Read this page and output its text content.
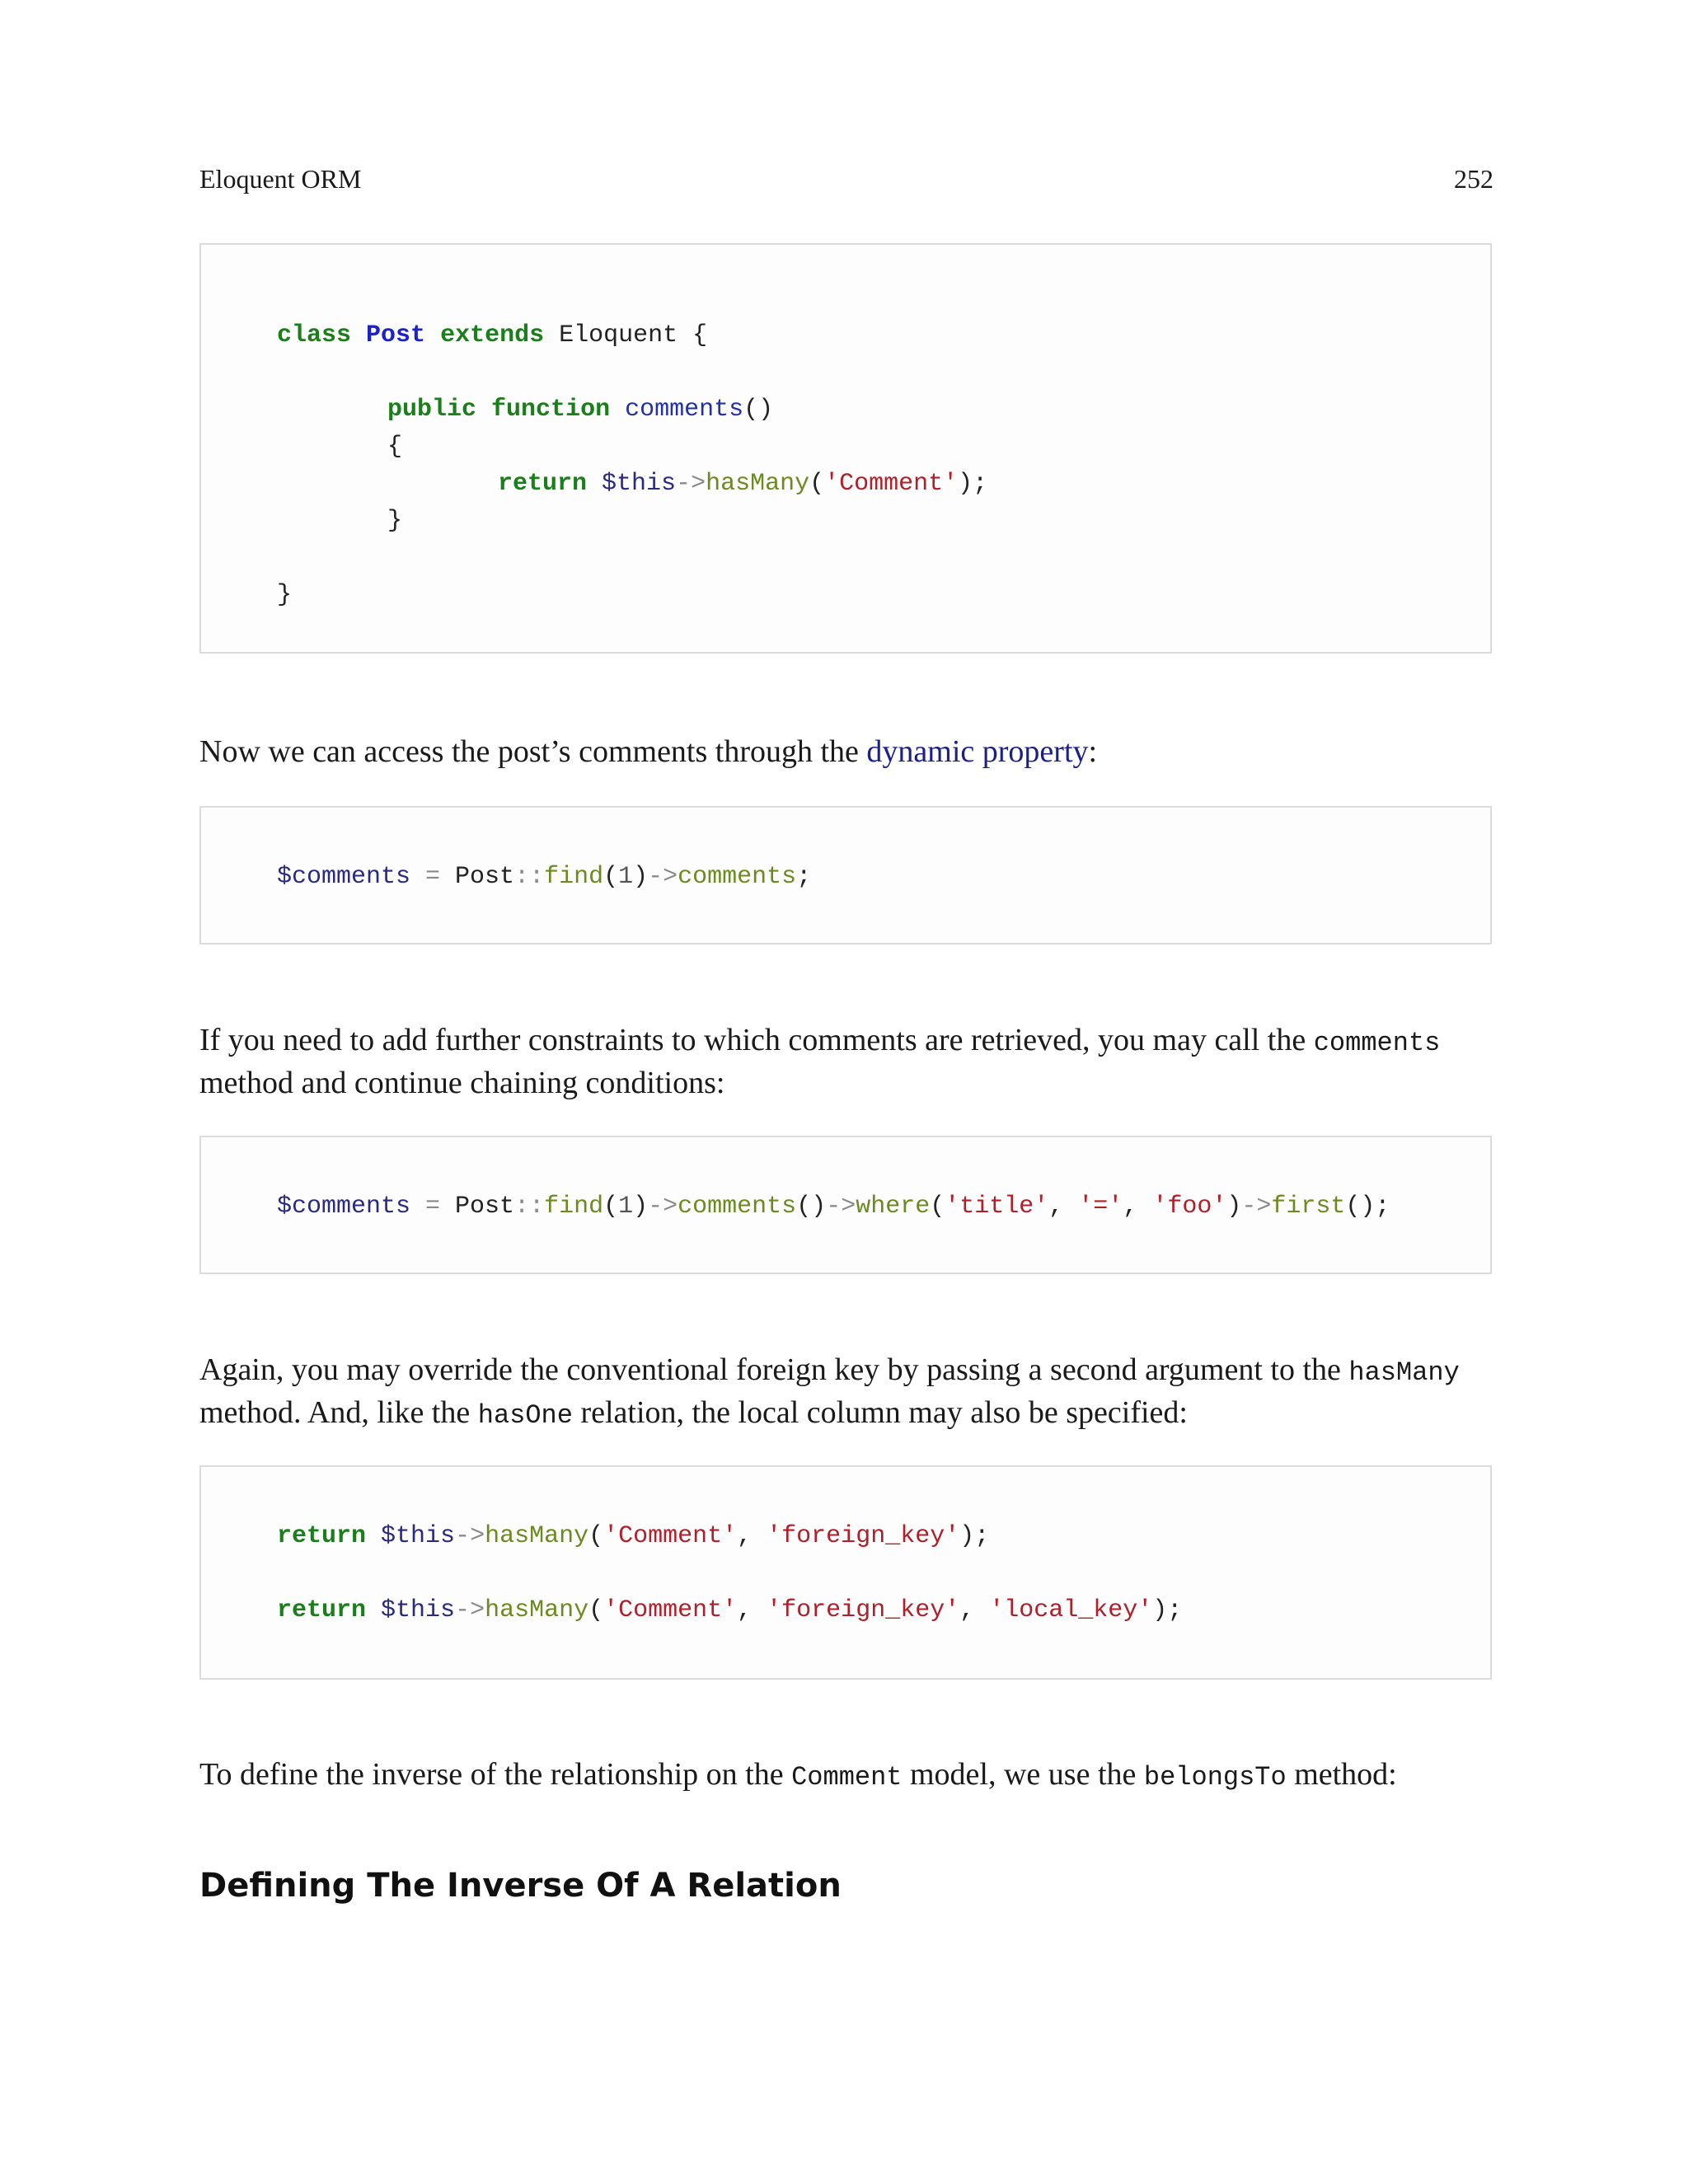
Eloquent ORM	252
class Post extends Eloquent {
public function comments()
{
return $this->hasMany('Comment');
}
}
Now we can access the post’s comments through the dynamic property:
$comments = Post::find(1)->comments;
If you need to add further constraints to which comments are retrieved, you may call the comments method and continue chaining conditions:
$comments = Post::find(1)->comments()->where('title', '=', 'foo')->first();
Again, you may override the conventional foreign key by passing a second argument to the hasMany method. And, like the hasOne relation, the local column may also be specified:
return $this->hasMany('Comment', 'foreign_key');
return $this->hasMany('Comment', 'foreign_key', 'local_key');
To define the inverse of the relationship on the Comment model, we use the belongsTo method:
Defining The Inverse Of A Relation
